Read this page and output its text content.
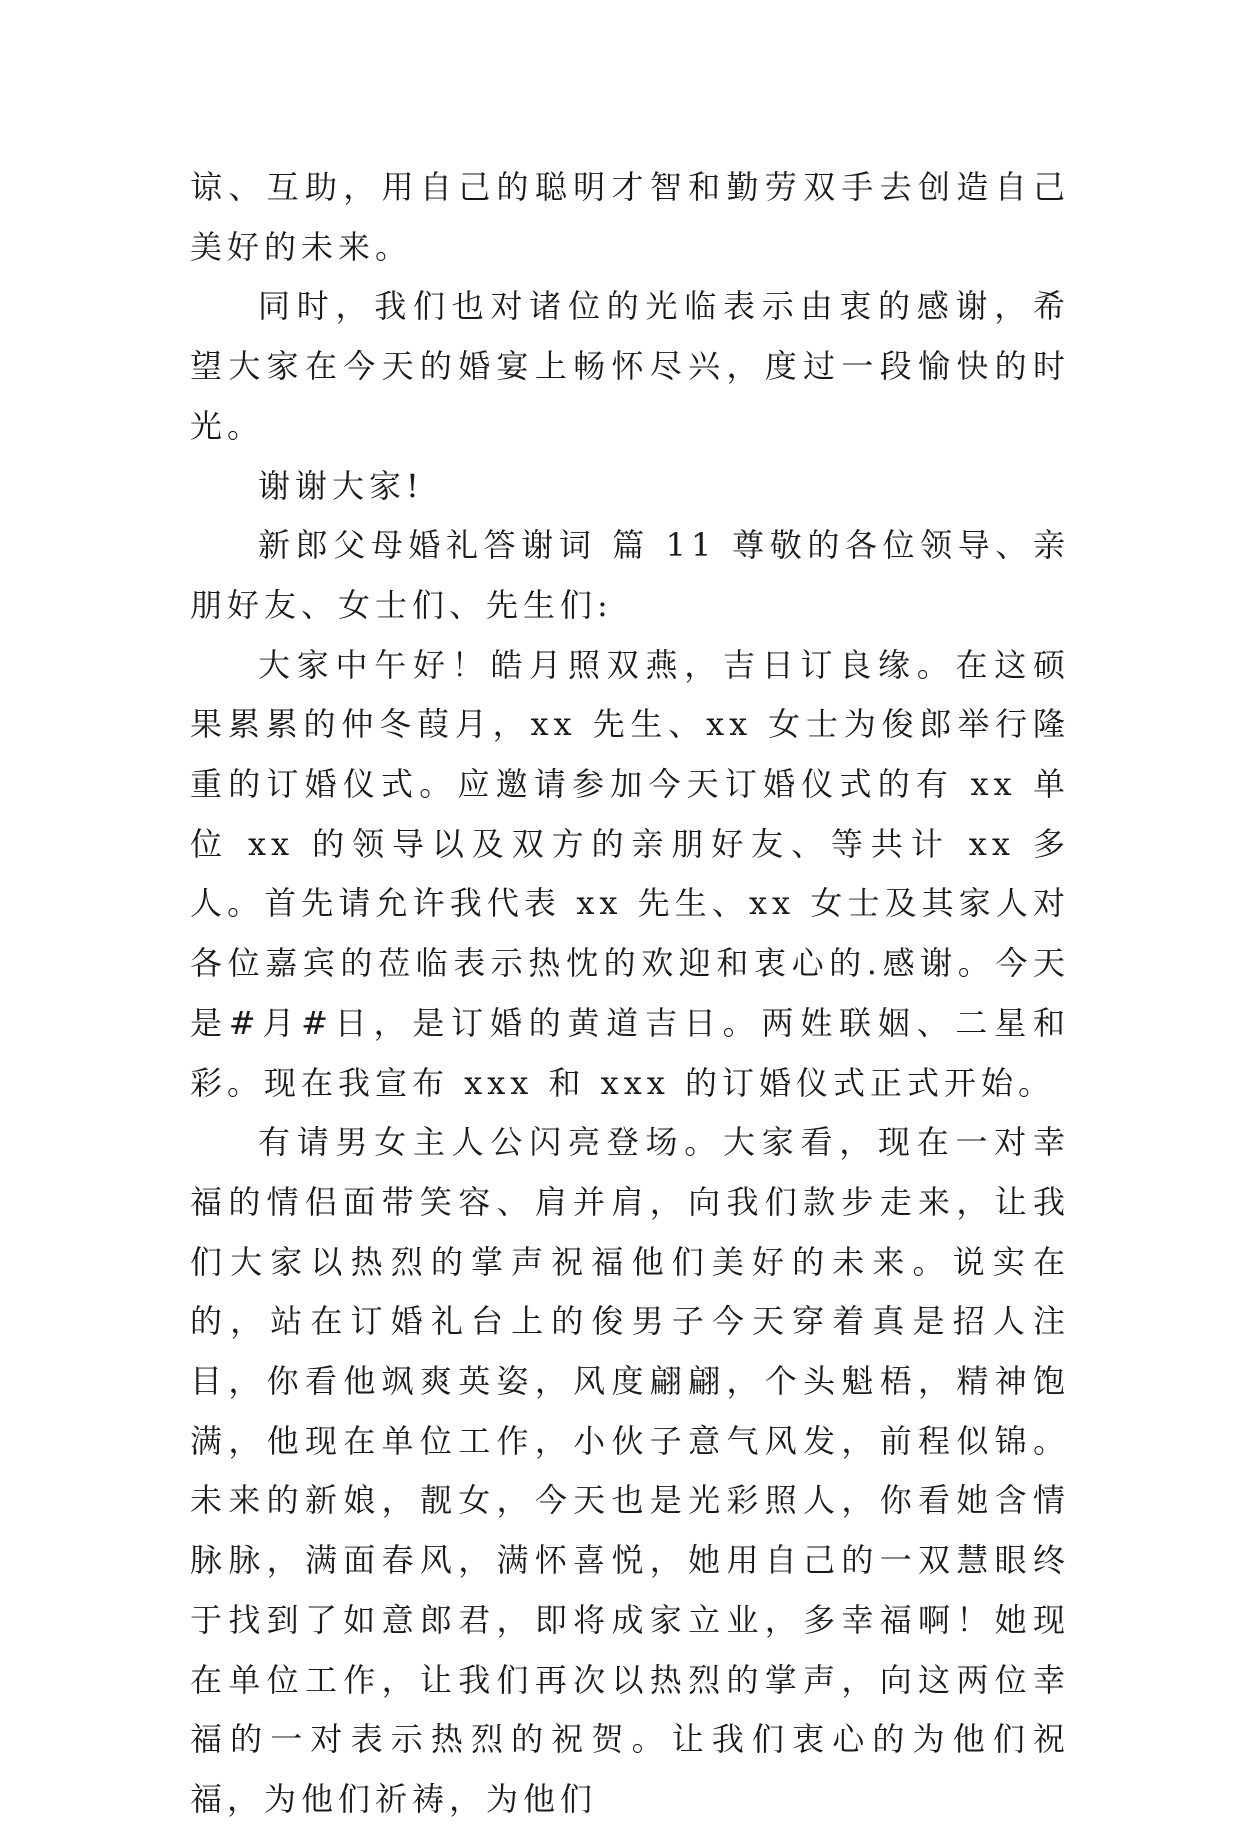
谅、互助，用自己的聪明才智和勤劳双手去创造自己美好的未来。

同时，我们也对诸位的光临表示由衷的感谢，希望大家在今天的婚宴上畅怀尽兴，度过一段愉快的时光。

谢谢大家!

新郎父母婚礼答谢词 篇 11 尊敬的各位领导、亲朋好友、女士们、先生们:

大家中午好！皓月照双燕，吉日订良缘。在这硕果累累的仲冬葭月，xx 先生、xx 女士为俊郎举行隆重的订婚仪式。应邀请参加今天订婚仪式的有 xx 单位 xx 的领导以及双方的亲朋好友、等共计 xx 多人。首先请允许我代表 xx 先生、xx 女士及其家人对各位嘉宾的莅临表示热忱的欢迎和衷心的.感谢。今天是#月#日，是订婚的黄道吉日。两姓联姻、二星和彩。现在我宣布 xxx 和 xxx 的订婚仪式正式开始。

有请男女主人公闪亮登场。大家看，现在一对幸福的情侣面带笑容、肩并肩，向我们款步走来，让我们大家以热烈的掌声祝福他们美好的未来。说实在的，站在订婚礼台上的俊男子今天穿着真是招人注目，你看他飒爽英姿，风度翩翩，个头魁梧，精神饱满，他现在单位工作，小伙子意气风发，前程似锦。未来的新娘，靓女，今天也是光彩照人，你看她含情脉脉，满面春风，满怀喜悦，她用自己的一双慧眼终于找到了如意郎君，即将成家立业，多幸福啊！她现在单位工作，让我们再次以热烈的掌声，向这两位幸福的一对表示热烈的祝贺。让我们衷心的为他们祝福，为他们祈祷，为他们
